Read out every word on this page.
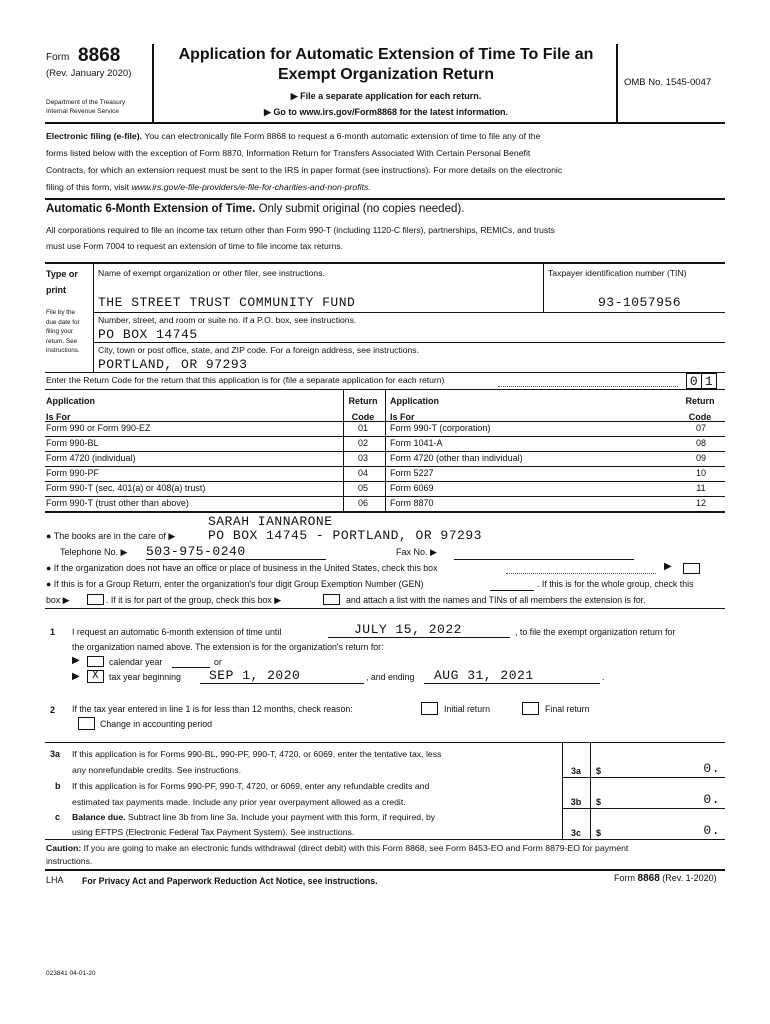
Form 8868
(Rev. January 2020)
Department of the Treasury
Internal Revenue Service
Application for Automatic Extension of Time To File an
Exempt Organization Return
▶ File a separate application for each return.
▶ Go to www.irs.gov/Form8868 for the latest information.
OMB No. 1545-0047
Electronic filing (e-file). You can electronically file Form 8868 to request a 6-month automatic extension of time to file any of the
forms listed below with the exception of Form 8870, Information Return for Transfers Associated With Certain Personal Benefit
Contracts, for which an extension request must be sent to the IRS in paper format (see instructions). For more details on the electronic
filing of this form, visit www.irs.gov/e-file-providers/e-file-for-charities-and-non-profits.
Automatic 6-Month Extension of Time. Only submit original (no copies needed).
All corporations required to file an income tax return other than Form 990-T (including 1120-C filers), partnerships, REMICs, and trusts
must use Form 7004 to request an extension of time to file income tax returns.
Type or
print
File by the
due date for
filing your
return. See
instructions.
Name of exempt organization or other filer, see instructions.	Taxpayer identification number (TIN)
THE STREET TRUST COMMUNITY FUND	93-1057956
Number, street, and room or suite no. If a P.O. box, see instructions.
PO BOX 14745
City, town or post office, state, and ZIP code. For a foreign address, see instructions.
PORTLAND, OR 97293
Enter the Return Code for the return that this application is for (file a separate application for each return)	0 1
Application
Is For
Return
Code
Application
Is For
Return
Code
Form 990 or Form 990-EZ	01	Form 990-T (corporation)	07
Form 990-BL	02	Form 1041-A	08
Form 4720 (individual)	03	Form 4720 (other than individual)	09
Form 990-PF	04	Form 5227	10
Form 990-T (sec. 401(a) or 408(a) trust)	05	Form 6069	11
Form 990-T (trust other than above)	06	Form 8870	12
SARAH IANNARONE
● The books are in the care of ▶	PO BOX 14745 - PORTLAND, OR 97293
Telephone No. ▶ 503-975-0240	Fax No. ▶
● If the organization does not have an office or place of business in the United States, check this box	▶
● If this is for a Group Return, enter the organization's four digit Group Exemption Number (GEN)	. If this is for the whole group, check this
box ▶	. If it is for part of the group, check this box ▶	and attach a list with the names and TINs of all members the extension is for.
1 I request an automatic 6-month extension of time until	JULY 15, 2022	, to file the exempt organization return for
the organization named above. The extension is for the organization's return for:
▶	calendar year	or
▶	X	tax year beginning SEP 1, 2020	, and ending AUG 31, 2021	.
2 If the tax year entered in line 1 is for less than 12 months, check reason:	Initial return	Final return
Change in accounting period
3a If this application is for Forms 990-BL, 990-PF, 990-T, 4720, or 6069, enter the tentative tax, less
any nonrefundable credits. See instructions.	3a	$	0.
b If this application is for Forms 990-PF, 990-T, 4720, or 6069, enter any refundable credits and
estimated tax payments made. Include any prior year overpayment allowed as a credit.	3b	$	0.
c Balance due. Subtract line 3b from line 3a. Include your payment with this form, if required, by
using EFTPS (Electronic Federal Tax Payment System). See instructions.	3c	$	0.
Caution: If you are going to make an electronic funds withdrawal (direct debit) with this Form 8868, see Form 8453-EO and Form 8879-EO for payment
instructions.
LHA For Privacy Act and Paperwork Reduction Act Notice, see instructions.	Form 8868 (Rev. 1-2020)
023841 04-01-20
